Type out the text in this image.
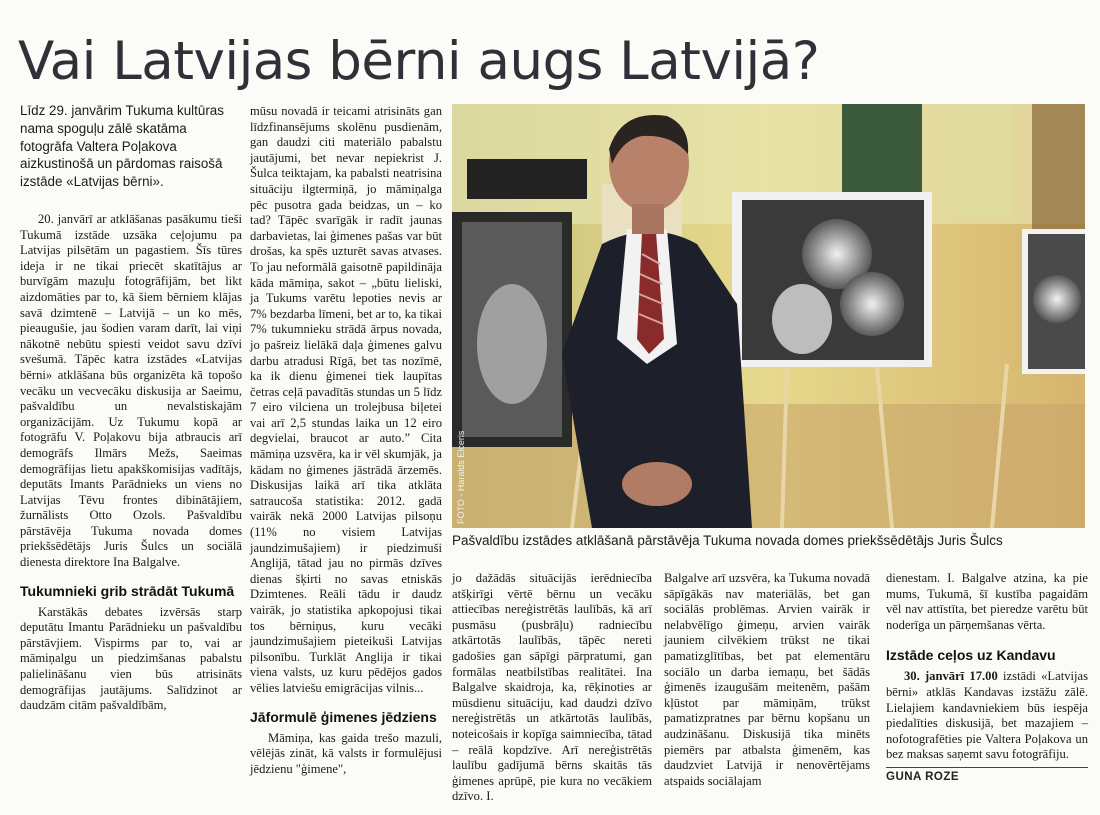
Vai Latvijas bērni augs Latvijā?
Līdz 29. janvārim Tukuma kultūras nama spoguļu zālē skatāma fotogrāfa Valtera Poļakova aizkustinošā un pārdomas raisošā izstāde «Latvijas bērni».

20. janvārī ar atklāšanas pasākumu tieši Tukumā izstāde uzsāka ceļojumu pa Latvijas pilsētām un pagastiem. Šīs tūres ideja ir ne tikai priecēt skatītājus ar burvīgām mazuļu fotogrāfijām, bet likt aizdomāties par to, kā šiem bērniem klājas savā dzimtenē – Latvijā – un ko mēs, pieaugušie, jau šodien varam darīt, lai viņi nākotnē nebūtu spiesti veidot savu dzīvi svešumā. Tāpēc katra izstādes «Latvijas bērni» atklāšana būs organizēta kā topošo vecāku un vecvecāku diskusija ar Saeimu, pašvaldību un nevalstiskajām organizācijām. Uz Tukumu kopā ar fotogrāfu V. Poļakovu bija atbraucis arī demogrāfs Ilmārs Mežs, Saeimas demogrāfijas lietu apakškomisijas vadītājs, deputāts Imants Parādnieks un viens no Latvijas Tēvu frontes dibinātājiem, žurnālists Otto Ozols. Pašvaldību pārstāvēja Tukuma novada domes priekšsēdētājs Juris Šulcs un sociālā dienesta direktore Ina Balgalve.

Tukumnieki grib strādāt Tukumā

Karstākās debates izvērsās starp deputātu Imantu Parādnieku un pašvaldību pārstāvjiem. Vispirms par to, vai ar māmiņalgu un piedzimšanas pabalstu palielināšanu vien būs atrisināts demogrāfijas jautājums. Salīdzinot ar daudzām citām pašvaldībām,

mūsu novadā ir teicami atrisināts gan līdzfinansējums skolēnu pusdienām, gan daudzi citi materiālo pabalstu jautājumi, bet nevar nepiekrist J. Šulca teiktajam, ka pabalsti neatrisina situāciju ilgtermiņā, jo māmiņalga pēc pusotra gada beidzas, un – ko tad? Tāpēc svarīgāk ir radīt jaunas darbavietas, lai ģimenes pašas var būt drošas, ka spēs uzturēt savas atvases. To jau neformālā gaisotnē papildināja kāda māmiņa, sakot – „būtu lieliski, ja Tukums varētu lepoties nevis ar 7% bezdarba līmeni, bet ar to, ka tikai 7% tukumnieku strādā ārpus novada, jo pašreiz lielākā daļa ģimenes galvu darbu atradusi Rīgā, bet tas nozīmē, ka ik dienu ģimenei tiek laupītas četras ceļā pavadītās stundas un 5 līdz 7 eiro vilcienа un trolejbusa biļetei vai arī 2,5 stundas laika un 12 eiro degvielai, braucot ar auto.” Cita māmiņa uzsvēra, ka ir vēl skumjāk, ja kādam no ģimenes jāstrādā ārzemēs. Diskusijas laikā arī tika atklāta satraucoša statistika: 2012. gadā vairāk nekā 2000 Latvijas pilsoņu (11% no visiem Latvijas jaundzimušajiem) ir piedzimuši Anglijā, tātad jau no pirmās dzīves dienas šķirti no savas etniskās Dzimtenes. Reāli tādu ir daudz vairāk, jo statistika apkopojusi tikai tos bērniņus, kuru vecāki jaundzimušajiem pieteikuši Latvijas pilsonību. Turklāt Anglija ir tikai viena valsts, uz kuru pēdējos gados vēlies latviešu emigrācijas vilnis...

Jāformulē ģimenes jēdziens

Māmiņa, kas gaida trešo mazuli, vēlējās zināt, kā valsts ir formulējusi jēdzienu "ģimene",

FOTO - Haralds Elceris
Pašvaldību izstādes atklāšanā pārstāvēja Tukuma novada domes priekšsēdētājs Juris Šulcs

jo dažādās situācijās ierēdniecība atšķirīgi vērtē bērnu un vecāku attiecības nereģistrētās laulībās, kā arī pusmāsu (pusbrāļu) radniecību atkārtotās laulībās, tāpēc nereti gadošies gan sāpīgi pārpratumi, gan formālas neatbilstības realitātei. Ina Balgalve skaidroja, ka, rēķinoties ar mūsdienu situāciju, kad daudzi dzīvo nereģistrētās un atkārtotās laulībās, noteicošais ir kopīga saimniecība, tātad – reālā kopdzīve. Arī nereģistrētās laulību gadījumā bērns skaitās tās ģimenes aprūpē, pie kura no vecākiem dzīvo. I.

Balgalve arī uzsvēra, ka Tukuma novadā sāpīgākās nav materiālās, bet gan sociālās problēmas. Arvien vairāk ir nelabvēlīgo ģimeņu, arvien vairāk jauniem cilvēkiem trūkst ne tikai pamatizglītības, bet pat elementāru sociālo un darba iemaņu, bet šādās ģimenēs izaugušām meitenēm, pašām kļūstot par māmiņām, trūkst pamatizpratnes par bērnu kopšanu un audzināšanu. Diskusijā tika minēts piemērs par atbalsta ģimenēm, kas daudzviet Latvijā ir nenovērtējams atspaids sociālajam

dienestam. I. Balgalve atzina, ka pie mums, Tukumā, šī kustība pagaidām vēl nav attīstīta, bet pieredze varētu būt noderīga un pārņemšanas vērta.

Izstāde ceļos uz Kandavu

30. janvārī 17.00 izstādi «Latvijas bērni» atklās Kandavas izstāžu zālē. Lielajiem kandavniekiem būs iespēja piedalīties diskusijā, bet mazajiem – nofotografēties pie Valtera Poļakova un bez maksas saņemt savu fotogrāfiju.

GUNA ROZE
